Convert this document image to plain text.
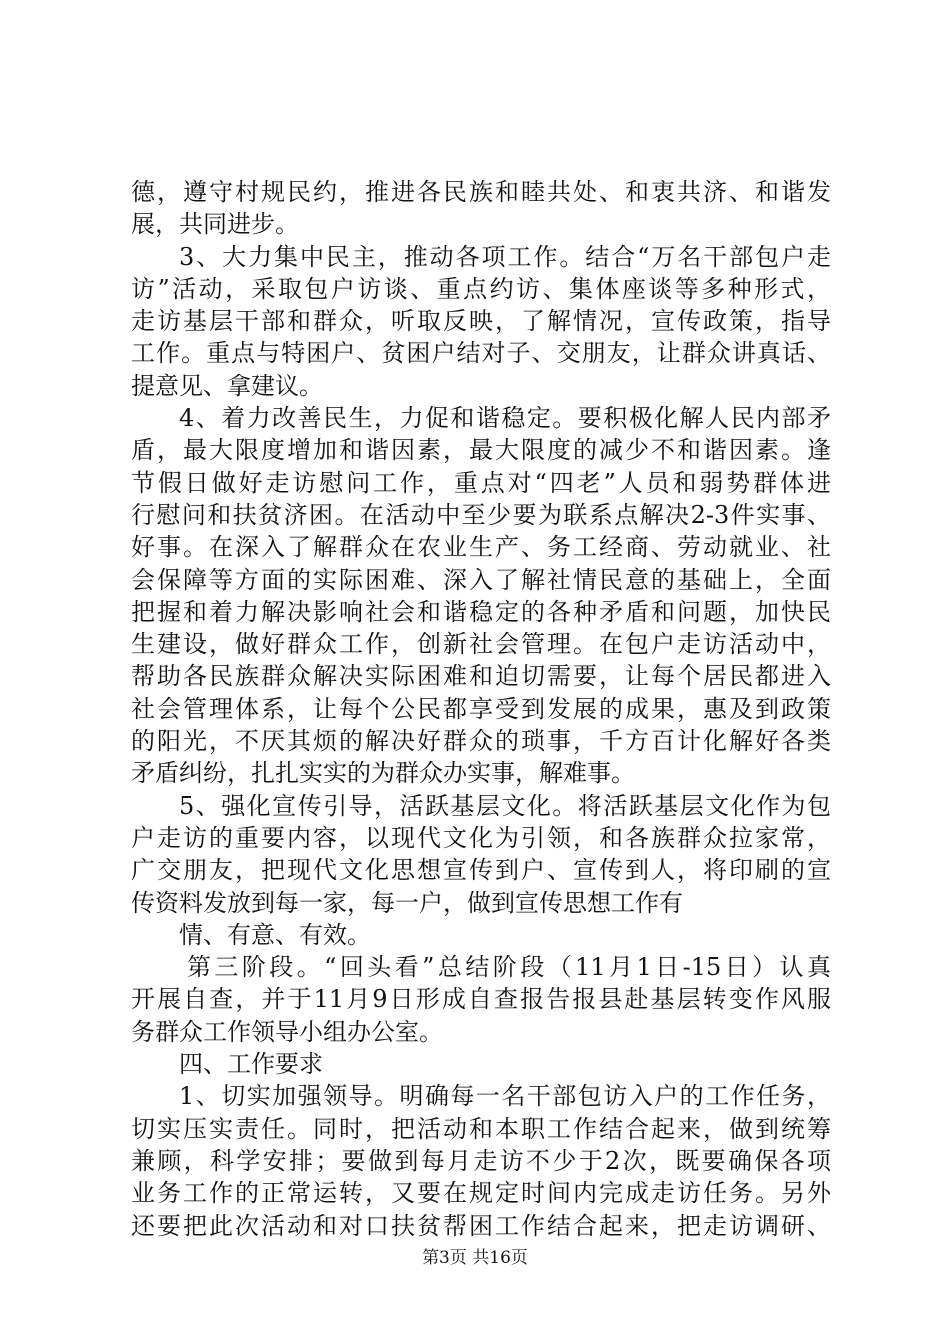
德，遵守村规民约，推进各民族和睦共处、和衷共济、和谐发
展，共同进步。
3、大力集中民主，推动各项工作。结合“万名干部包户走
访”活动，采取包户访谈、重点约访、集体座谈等多种形式，
走访基层干部和群众，听取反映，了解情况，宣传政策，指导
工作。重点与特困户、贫困户结对子、交朋友，让群众讲真话、
提意见、拿建议。
4、着力改善民生，力促和谐稳定。要积极化解人民内部矛
盾，最大限度增加和谐因素，最大限度的减少不和谐因素。逢
节假日做好走访慰问工作，重点对“四老”人员和弱势群体进
行慰问和扶贫济困。在活动中至少要为联系点解决2-3件实事、
好事。在深入了解群众在农业生产、务工经商、劳动就业、社
会保障等方面的实际困难、深入了解社情民意的基础上，全面
把握和着力解决影响社会和谐稳定的各种矛盾和问题，加快民
生建设，做好群众工作，创新社会管理。在包户走访活动中，
帮助各民族群众解决实际困难和迫切需要，让每个居民都进入
社会管理体系，让每个公民都享受到发展的成果，惠及到政策
的阳光，不厌其烦的解决好群众的琐事，千方百计化解好各类
矛盾纠纷，扎扎实实的为群众办实事，解难事。
5、强化宣传引导，活跃基层文化。将活跃基层文化作为包
户走访的重要内容，以现代文化为引领，和各族群众拉家常，
广交朋友，把现代文化思想宣传到户、宣传到人，将印刷的宣
传资料发放到每一家，每一户，做到宣传思想工作有
情、有意、有效。
第三阶段。“回头看”总结阶段（11月1日-15日）认真
开展自查，并于11月9日形成自查报告报县赴基层转变作风服
务群众工作领导小组办公室。
四、工作要求
1、切实加强领导。明确每一名干部包访入户的工作任务，
切实压实责任。同时，把活动和本职工作结合起来，做到统筹
兼顾，科学安排；要做到每月走访不少于2次，既要确保各项
业务工作的正常运转，又要在规定时间内完成走访任务。另外
还要把此次活动和对口扶贫帮困工作结合起来，把走访调研、
第3页 共16页
